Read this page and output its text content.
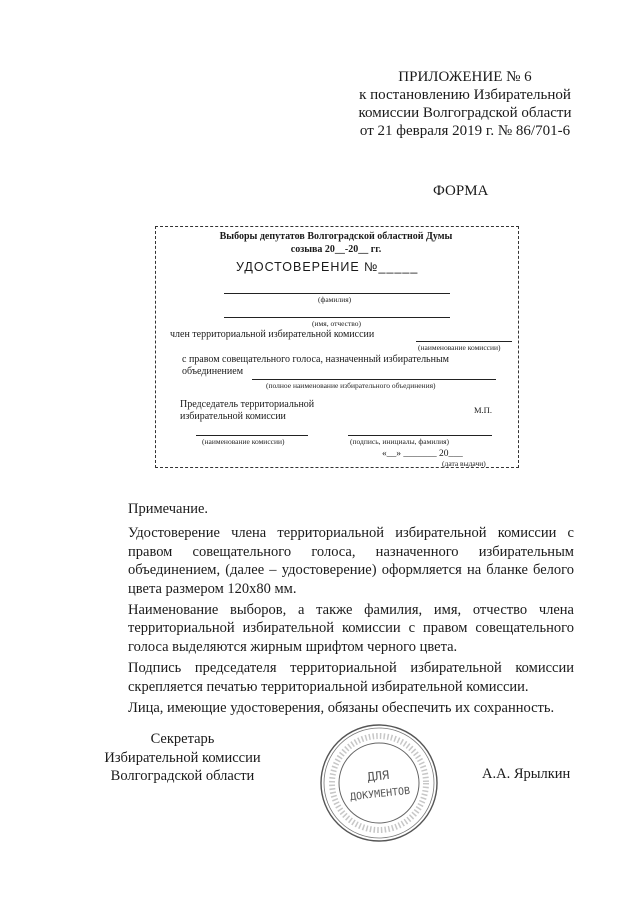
ПРИЛОЖЕНИЕ № 6
к постановлению Избирательной
комиссии Волгоградской области
от 21 февраля 2019 г. № 86/701-6
ФОРМА
Выборы депутатов Волгоградской областной Думы
созыва 20__-20__ гг.
УДОСТОВЕРЕНИЕ №_____
(фамилия)
(имя, отчество)
член территориальной избирательной комиссии
(наименование комиссии)
с правом совещательного голоса, назначенный избирательным
объединением
(полное наименование избирательного объединения)
Председатель территориальной
избирательной комиссии
М.П.
(наименование комиссии)	(подпись, инициалы, фамилия)
«__» _______ 20___
(дата выдачи)

Примечание.

Удостоверение члена территориальной избирательной комиссии с правом совещательного голоса, назначенного избирательным объединением, (далее – удостоверение) оформляется на бланке белого цвета размером 120х80 мм.

Наименование выборов, а также фамилия, имя, отчество члена территориальной избирательной комиссии с правом совещательного голоса выделяются жирным шрифтом черного цвета.

Подпись председателя территориальной избирательной комиссии скрепляется печатью территориальной избирательной комиссии.

Лица, имеющие удостоверения, обязаны обеспечить их сохранность.

Секретарь
Избирательной комиссии
Волгоградской области	А.А. Ярылкин
ДЛЯ
ДОКУМЕНТОВ
